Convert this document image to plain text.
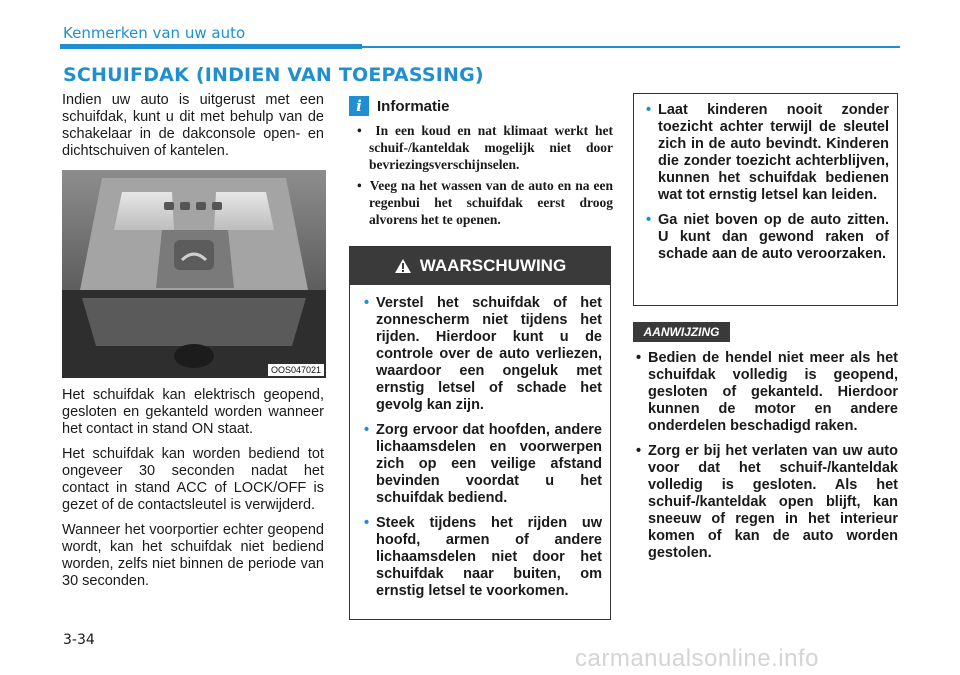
Kenmerken van uw auto
SCHUIFDAK (INDIEN VAN TOEPASSING)

Indien uw auto is uitgerust met een schuifdak, kunt u dit met behulp van de schakelaar in de dakconsole open- en dichtschuiven of kantelen.

OOS047021

Het schuifdak kan elektrisch geopend, gesloten en gekanteld worden wanneer het contact in stand ON staat.

Het schuifdak kan worden bediend tot ongeveer 30 seconden nadat het contact in stand ACC of LOCK/OFF is gezet of de contactsleutel is verwijderd.

Wanneer het voorportier echter geopend wordt, kan het schuifdak niet bediend worden, zelfs niet binnen de periode van 30 seconden.

i	Informatie
•  In een koud en nat klimaat werkt het schuif-/kanteldak mogelijk niet door bevriezingsverschijnselen.
•  Veeg na het wassen van de auto en na een regenbui het schuifdak eerst droog alvorens het te openen.
WAARSCHUWING
• Verstel het schuifdak of het zonnescherm niet tijdens het rijden. Hierdoor kunt u de controle over de auto verliezen, waardoor een ongeluk met ernstig letsel of schade het gevolg kan zijn.
• Zorg ervoor dat hoofden, andere lichaamsdelen en voorwerpen zich op een veilige afstand bevinden voordat u het schuifdak bediend.
• Steek tijdens het rijden uw hoofd, armen of andere lichaamsdelen niet door het schuifdak naar buiten, om ernstig letsel te voorkomen.
• Laat kinderen nooit zonder toezicht achter terwijl de sleutel zich in de auto bevindt. Kinderen die zonder toezicht achterblijven, kunnen het schuifdak bedienen wat tot ernstig letsel kan leiden.
• Ga niet boven op de auto zitten. U kunt dan gewond raken of schade aan de auto veroorzaken.
AANWIJZING
• Bedien de hendel niet meer als het schuifdak volledig is geopend, gesloten of gekanteld. Hierdoor kunnen de motor en andere onderdelen beschadigd raken.
• Zorg er bij het verlaten van uw auto voor dat het schuif-/kanteldak volledig is gesloten. Als het schuif-/kanteldak open blijft, kan sneeuw of regen in het interieur komen of kan de auto worden gestolen.
3-34
carmanualsonline.info
